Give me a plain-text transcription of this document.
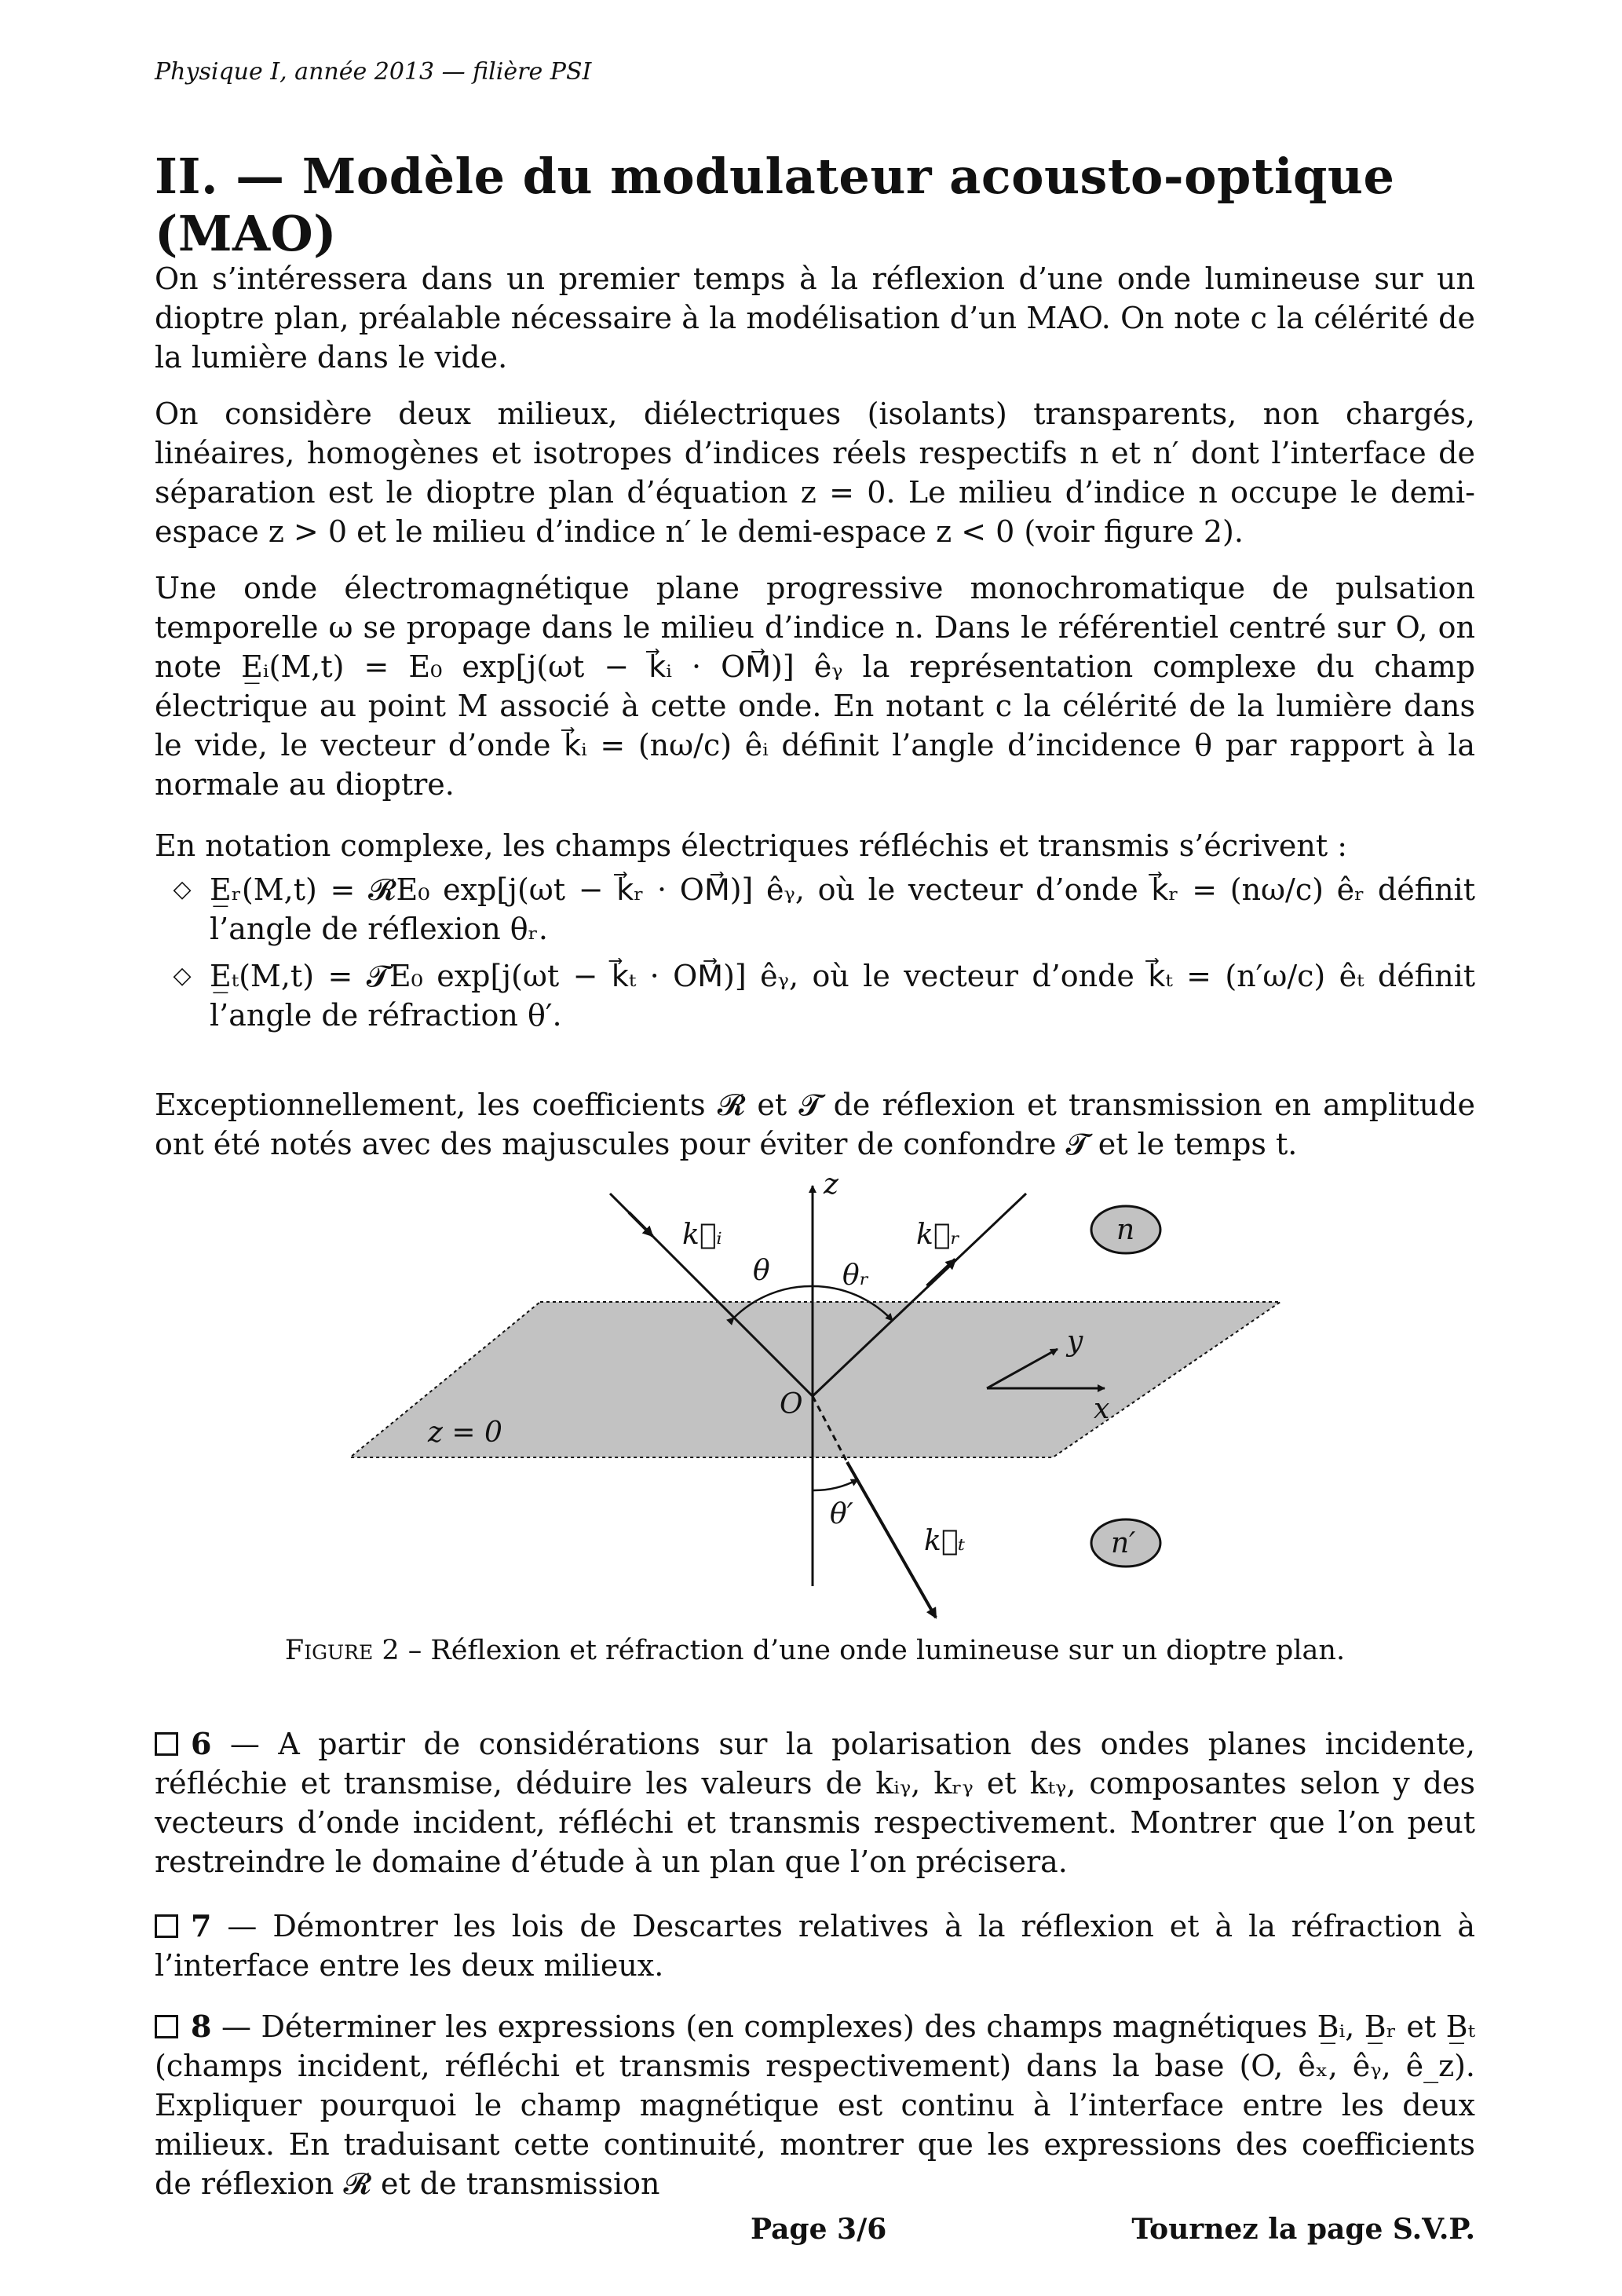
Physique I, année 2013 — filière PSI
II. — Modèle du modulateur acousto-optique (MAO)

On s’intéressera dans un premier temps à la réflexion d’une onde lumineuse sur un dioptre plan, préalable nécessaire à la modélisation d’un MAO. On note c la célérité de la lumière dans le vide.

On considère deux milieux, diélectriques (isolants) transparents, non chargés, linéaires, homogènes et isotropes d’indices réels respectifs n et n′ dont l’interface de séparation est le dioptre plan d’équation z = 0. Le milieu d’indice n occupe le demi-espace z > 0 et le milieu d’indice n′ le demi-espace z < 0 (voir figure 2).

Une onde électromagnétique plane progressive monochromatique de pulsation temporelle ω se propage dans le milieu d’indice n. Dans le référentiel centré sur O, on note E̲ᵢ(M,t) = E₀ exp[j(ωt − k⃗ᵢ · OM⃗)] êᵧ la représentation complexe du champ électrique au point M associé à cette onde. En notant c la célérité de la lumière dans le vide, le vecteur d’onde k⃗ᵢ = (nω/c) êᵢ définit l’angle d’incidence θ par rapport à la normale au dioptre.

En notation complexe, les champs électriques réfléchis et transmis s’écrivent :

◇ E̲ᵣ(M,t) = 𝓡E₀ exp[j(ωt − k⃗ᵣ · OM⃗)] êᵧ, où le vecteur d’onde k⃗ᵣ = (nω/c) êᵣ définit l’angle de réflexion θᵣ.
◇ E̲ₜ(M,t) = 𝓣E₀ exp[j(ωt − k⃗ₜ · OM⃗)] êᵧ, où le vecteur d’onde k⃗ₜ = (n′ω/c) êₜ définit l’angle de réfraction θ′.

Exceptionnellement, les coefficients 𝓡 et 𝓣 de réflexion et transmission en amplitude ont été notés avec des majuscules pour éviter de confondre 𝓣 et le temps t.

z
k⃗ᵢ	k⃗ᵣ
k⃗ₜ
θ	θᵣ
θ′
O
y
x
z = 0
n
n′
Figure 2 – Réflexion et réfraction d’une onde lumineuse sur un dioptre plan.
6 — A partir de considérations sur la polarisation des ondes planes incidente, réfléchie et transmise, déduire les valeurs de kᵢᵧ, kᵣᵧ et kₜᵧ, composantes selon y des vecteurs d’onde incident, réfléchi et transmis respectivement. Montrer que l’on peut restreindre le domaine d’étude à un plan que l’on précisera.
7 — Démontrer les lois de Descartes relatives à la réflexion et à la réfraction à l’interface entre les deux milieux.
8 — Déterminer les expressions (en complexes) des champs magnétiques B̲ᵢ, B̲ᵣ et B̲ₜ (champs incident, réfléchi et transmis respectivement) dans la base (O, êₓ, êᵧ, ê_z). Expliquer pourquoi le champ magnétique est continu à l’interface entre les deux milieux. En traduisant cette continuité, montrer que les expressions des coefficients de réflexion 𝓡 et de transmission
Page 3/6	Tournez la page S.V.P.
